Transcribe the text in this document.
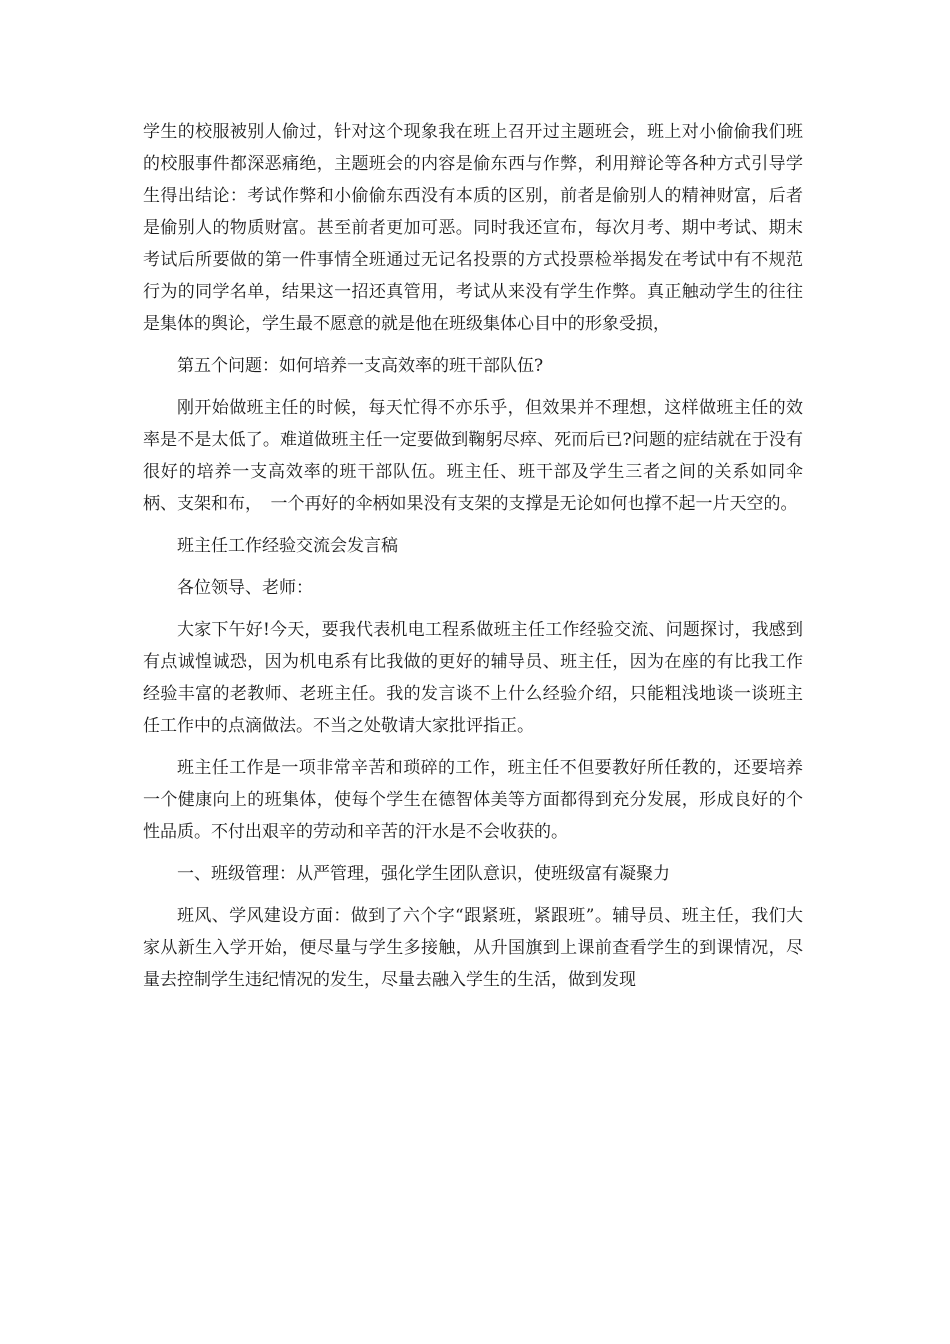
学生的校服被别人偷过，针对这个现象我在班上召开过主题班会，班上对小偷偷我们班的校服事件都深恶痛绝，主题班会的内容是偷东西与作弊，利用辩论等各种方式引导学生得出结论：考试作弊和小偷偷东西没有本质的区别，前者是偷别人的精神财富，后者是偷别人的物质财富。甚至前者更加可恶。同时我还宣布，每次月考、期中考试、期末考试后所要做的第一件事情全班通过无记名投票的方式投票检举揭发在考试中有不规范行为的同学名单，结果这一招还真管用，考试从来没有学生作弊。真正触动学生的往往是集体的舆论，学生最不愿意的就是他在班级集体心目中的形象受损，

第五个问题：如何培养一支高效率的班干部队伍?

刚开始做班主任的时候，每天忙得不亦乐乎，但效果并不理想，这样做班主任的效率是不是太低了。难道做班主任一定要做到鞠躬尽瘁、死而后已?问题的症结就在于没有很好的培养一支高效率的班干部队伍。班主任、班干部及学生三者之间的关系如同伞柄、支架和布，　一个再好的伞柄如果没有支架的支撑是无论如何也撑不起一片天空的。

班主任工作经验交流会发言稿

各位领导、老师：

大家下午好!今天，要我代表机电工程系做班主任工作经验交流、问题探讨，我感到有点诚惶诚恐，因为机电系有比我做的更好的辅导员、班主任，因为在座的有比我工作经验丰富的老教师、老班主任。我的发言谈不上什么经验介绍，只能粗浅地谈一谈班主任工作中的点滴做法。不当之处敬请大家批评指正。

班主任工作是一项非常辛苦和琐碎的工作，班主任不但要教好所任教的，还要培养一个健康向上的班集体，使每个学生在德智体美等方面都得到充分发展，形成良好的个性品质。不付出艰辛的劳动和辛苦的汗水是不会收获的。

一、班级管理：从严管理，强化学生团队意识，使班级富有凝聚力

班风、学风建设方面：做到了六个字“跟紧班，紧跟班”。辅导员、班主任，我们大家从新生入学开始，便尽量与学生多接触，从升国旗到上课前查看学生的到课情况，尽量去控制学生违纪情况的发生，尽量去融入学生的生活，做到发现
